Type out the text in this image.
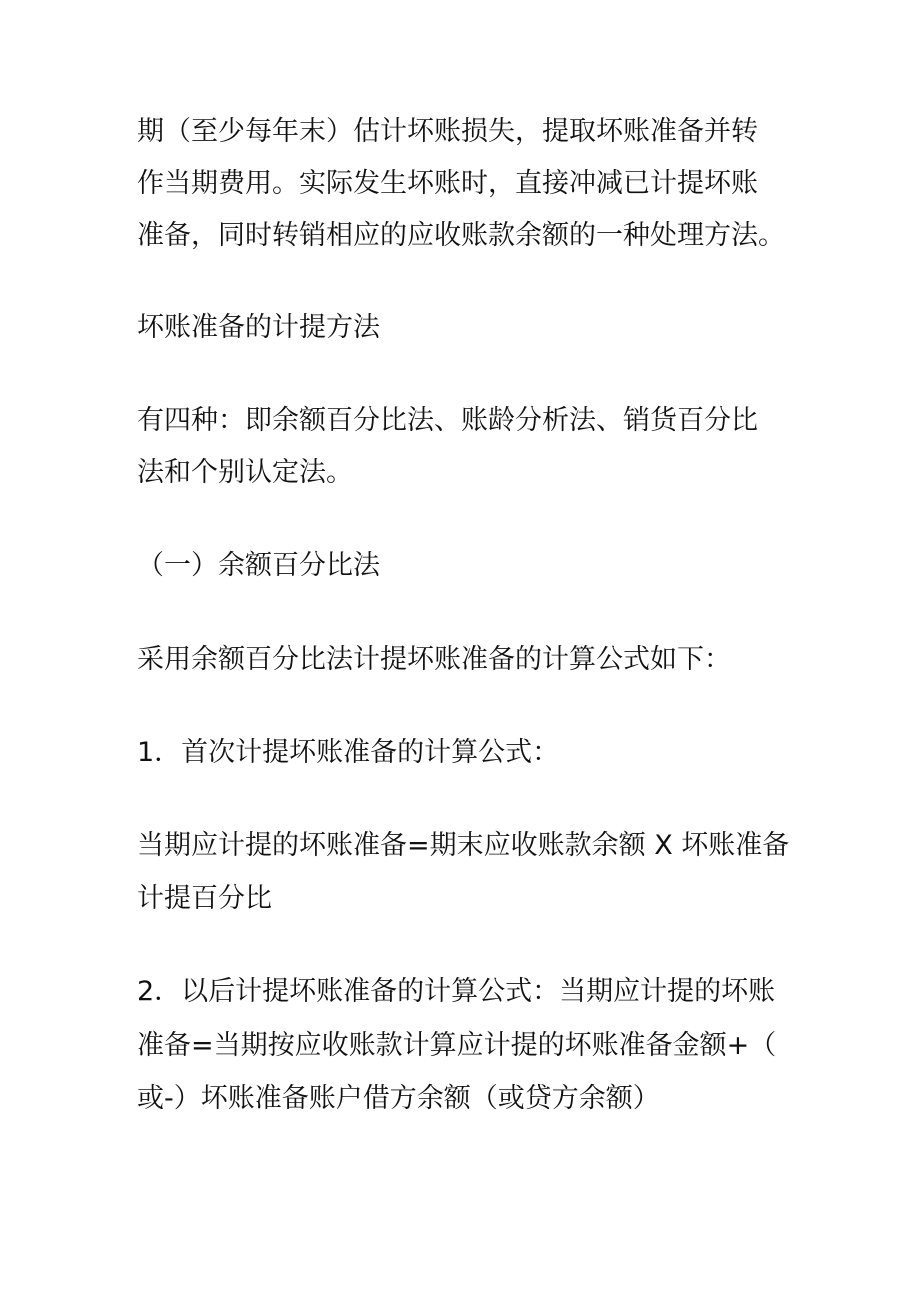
期（至少每年末）估计坏账损失，提取坏账准备并转
作当期费用。实际发生坏账时，直接冲减已计提坏账
准备，同时转销相应的应收账款余额的一种处理方法。
坏账准备的计提方法
有四种：即余额百分比法、账龄分析法、销货百分比
法和个别认定法。
（一）余额百分比法
采用余额百分比法计提坏账准备的计算公式如下：
1．首次计提坏账准备的计算公式：
当期应计提的坏账准备=期末应收账款余额 X 坏账准备
计提百分比
2．以后计提坏账准备的计算公式：当期应计提的坏账
准备=当期按应收账款计算应计提的坏账准备金额+（
或-）坏账准备账户借方余额（或贷方余额）
